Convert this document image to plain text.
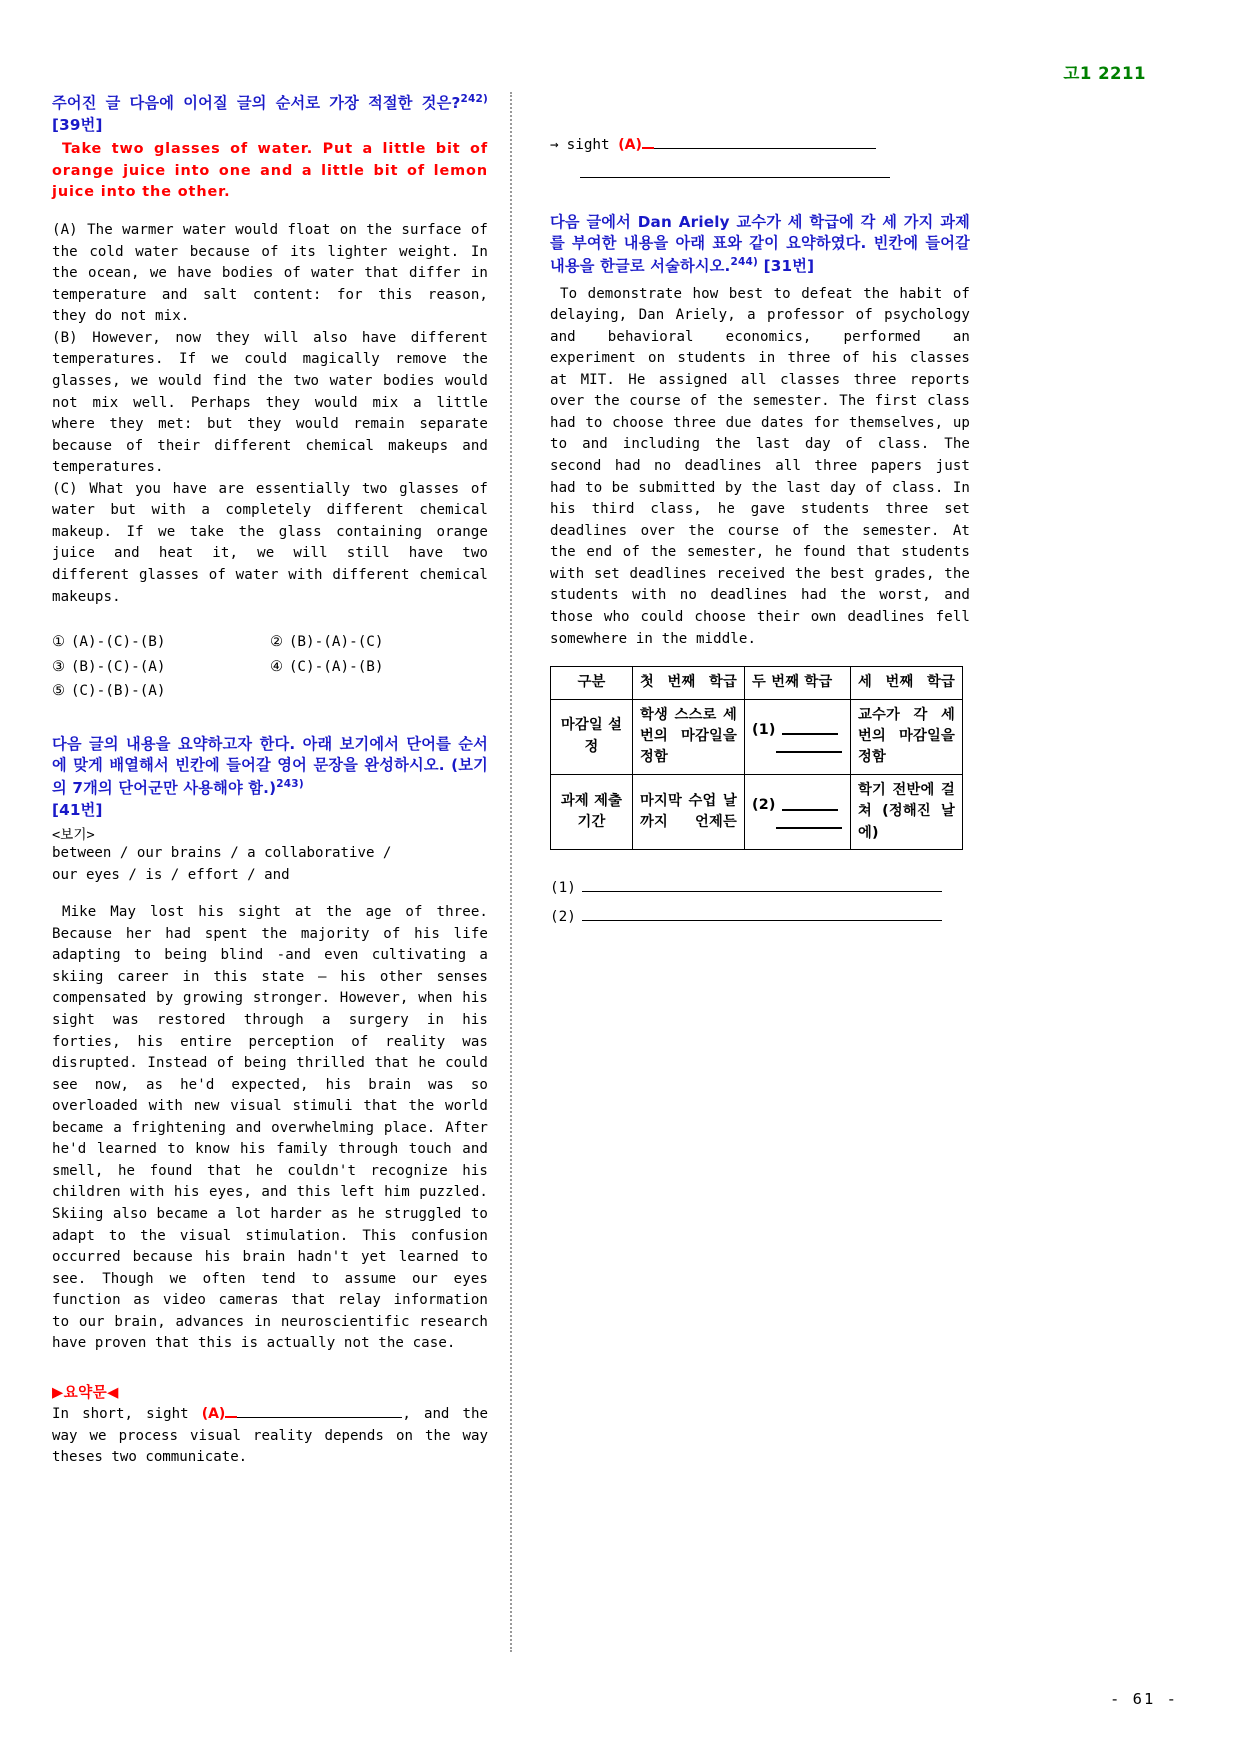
고1 2211
주어진 글 다음에 이어질 글의 순서로 가장 적절한 것은?$^{242)}$ [39번]
Take two glasses of water. Put a little bit of orange juice into one and a little bit of lemon juice into the other.

(A) The warmer water would float on the surface of the cold water because of its lighter weight. In the ocean, we have bodies of water that differ in temperature and salt content: for this reason, they do not mix.

(B) However, now they will also have different temperatures. If we could magically remove the glasses, we would find the two water bodies would not mix well. Perhaps they would mix a little where they met: but they would remain separate because of their different chemical makeups and temperatures.

(C) What you have are essentially two glasses of water but with a completely different chemical makeup. If we take the glass containing orange juice and heat it, we will still have two different glasses of water with different chemical makeups.

① (A)-(C)-(B)	② (B)-(A)-(C)
③ (B)-(C)-(A)	④ (C)-(A)-(B)
⑤ (C)-(B)-(A)
다음 글의 내용을 요약하고자 한다. 아래 보기에서 단어를 순서에 맞게 배열해서 빈칸에 들어갈 영어 문장을 완성하시오. (보기의 7개의 단어군만 사용해야 함.)$^{243)}$
[41번]
<보기>
between / our brains / a collaborative /
our eyes / is / effort / and

Mike May lost his sight at the age of three. Because her had spent the majority of his life adapting to being blind -and even cultivating a skiing career in this state — his other senses compensated by growing stronger. However, when his sight was restored through a surgery in his forties, his entire perception of reality was disrupted. Instead of being thrilled that he could see now, as he'd expected, his brain was so overloaded with new visual stimuli that the world became a frightening and overwhelming place. After he'd learned to know his family through touch and smell, he found that he couldn't recognize his children with his eyes, and this left him puzzled. Skiing also became a lot harder as he struggled to adapt to the visual stimulation. This confusion occurred because his brain hadn't yet learned to see. Though we often tend to assume our eyes function as video cameras that relay information to our brain, advances in neuroscientific research have proven that this is actually not the case.

▶요약문◀
In short, sight (A)	, and the way we process visual reality depends on the way theses two communicate.
→ sight (A)
다음 글에서 Dan Ariely 교수가 세 학급에 각 세 가지 과제를 부여한 내용을 아래 표와 같이 요약하였다. 빈칸에 들어갈 내용을 한글로 서술하시오.$^{244)}$ [31번]

To demonstrate how best to defeat the habit of delaying, Dan Ariely, a professor of psychology and behavioral economics, performed an experiment on students in three of his classes at MIT. He assigned all classes three reports over the course of the semester. The first class had to choose three due dates for themselves, up to and including the last day of class. The second had no deadlines all three papers just had to be submitted by the last day of class. In his third class, he gave students three set deadlines over the course of the semester. At the end of the semester, he found that students with set deadlines received the best grades, the students with no deadlines had the worst, and those who could choose their own deadlines fell somewhere in the middle.

구분	첫 번째 학급	두 번째 학급	세 번째 학급
마감일 설정	학생 스스로 세 번의 마감일을 정함	(1)	교수가 각 세 번의 마감일을 정함
과제 제출 기간	마지막 수업 날까지 언제든	(2)	학기 전반에 걸쳐 (정해진 날에)
(1)
(2)
- 61 -
